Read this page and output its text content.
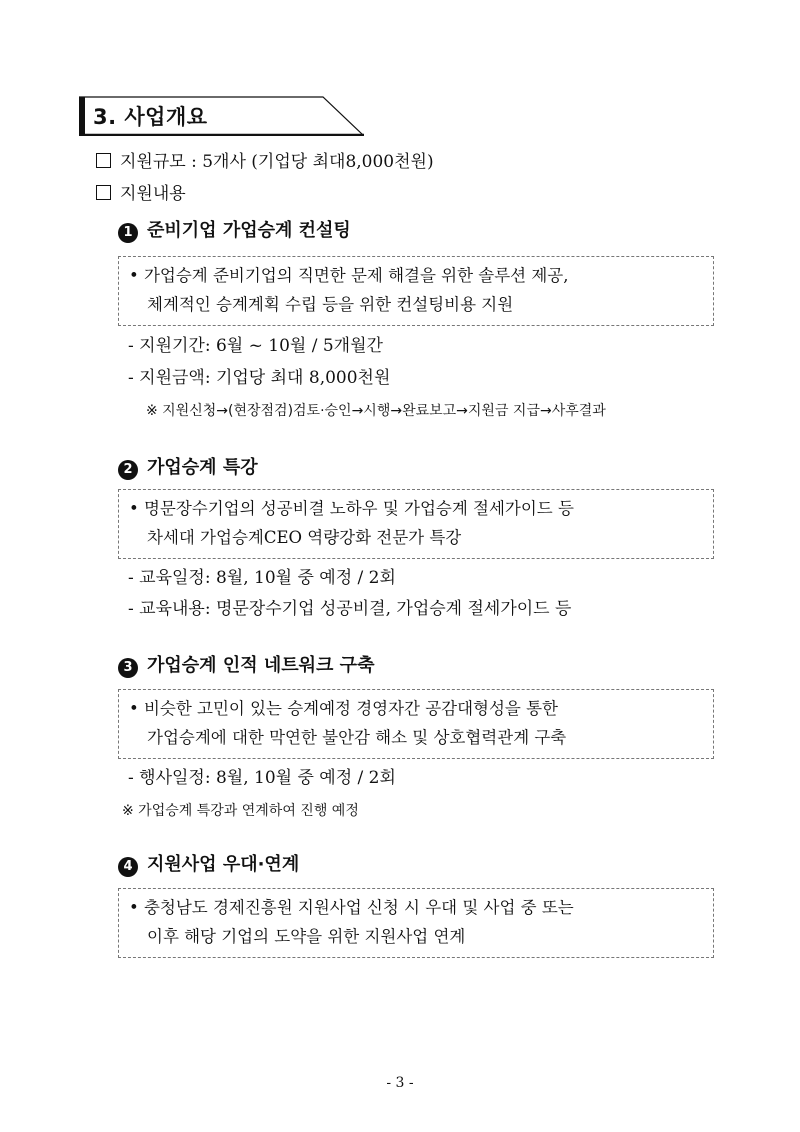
3. 사업개요
지원규모 : 5개사 (기업당 최대8,000천원)
지원내용
1 준비기업 가업승계 컨설팅
• 가업승계 준비기업의 직면한 문제 해결을 위한 솔루션 제공,
체계적인 승계계획 수립 등을 위한 컨설팅비용 지원
- 지원기간: 6월 ~ 10월 / 5개월간
- 지원금액: 기업당 최대 8,000천원
※ 지원신청→(현장점검)검토·승인→시행→완료보고→지원금 지급→사후결과
2 가업승계 특강
• 명문장수기업의 성공비결 노하우 및 가업승계 절세가이드 등
차세대 가업승계CEO 역량강화 전문가 특강
- 교육일정: 8월, 10월 중 예정 / 2회
- 교육내용: 명문장수기업 성공비결, 가업승계 절세가이드 등
3 가업승계 인적 네트워크 구축
• 비슷한 고민이 있는 승계예정 경영자간 공감대형성을 통한
가업승계에 대한 막연한 불안감 해소 및 상호협력관계 구축
- 행사일정: 8월, 10월 중 예정 / 2회
※ 가업승계 특강과 연계하여 진행 예정
4 지원사업 우대·연계
• 충청남도 경제진흥원 지원사업 신청 시 우대 및 사업 중 또는
이후 해당 기업의 도약을 위한 지원사업 연계
- 3 -
